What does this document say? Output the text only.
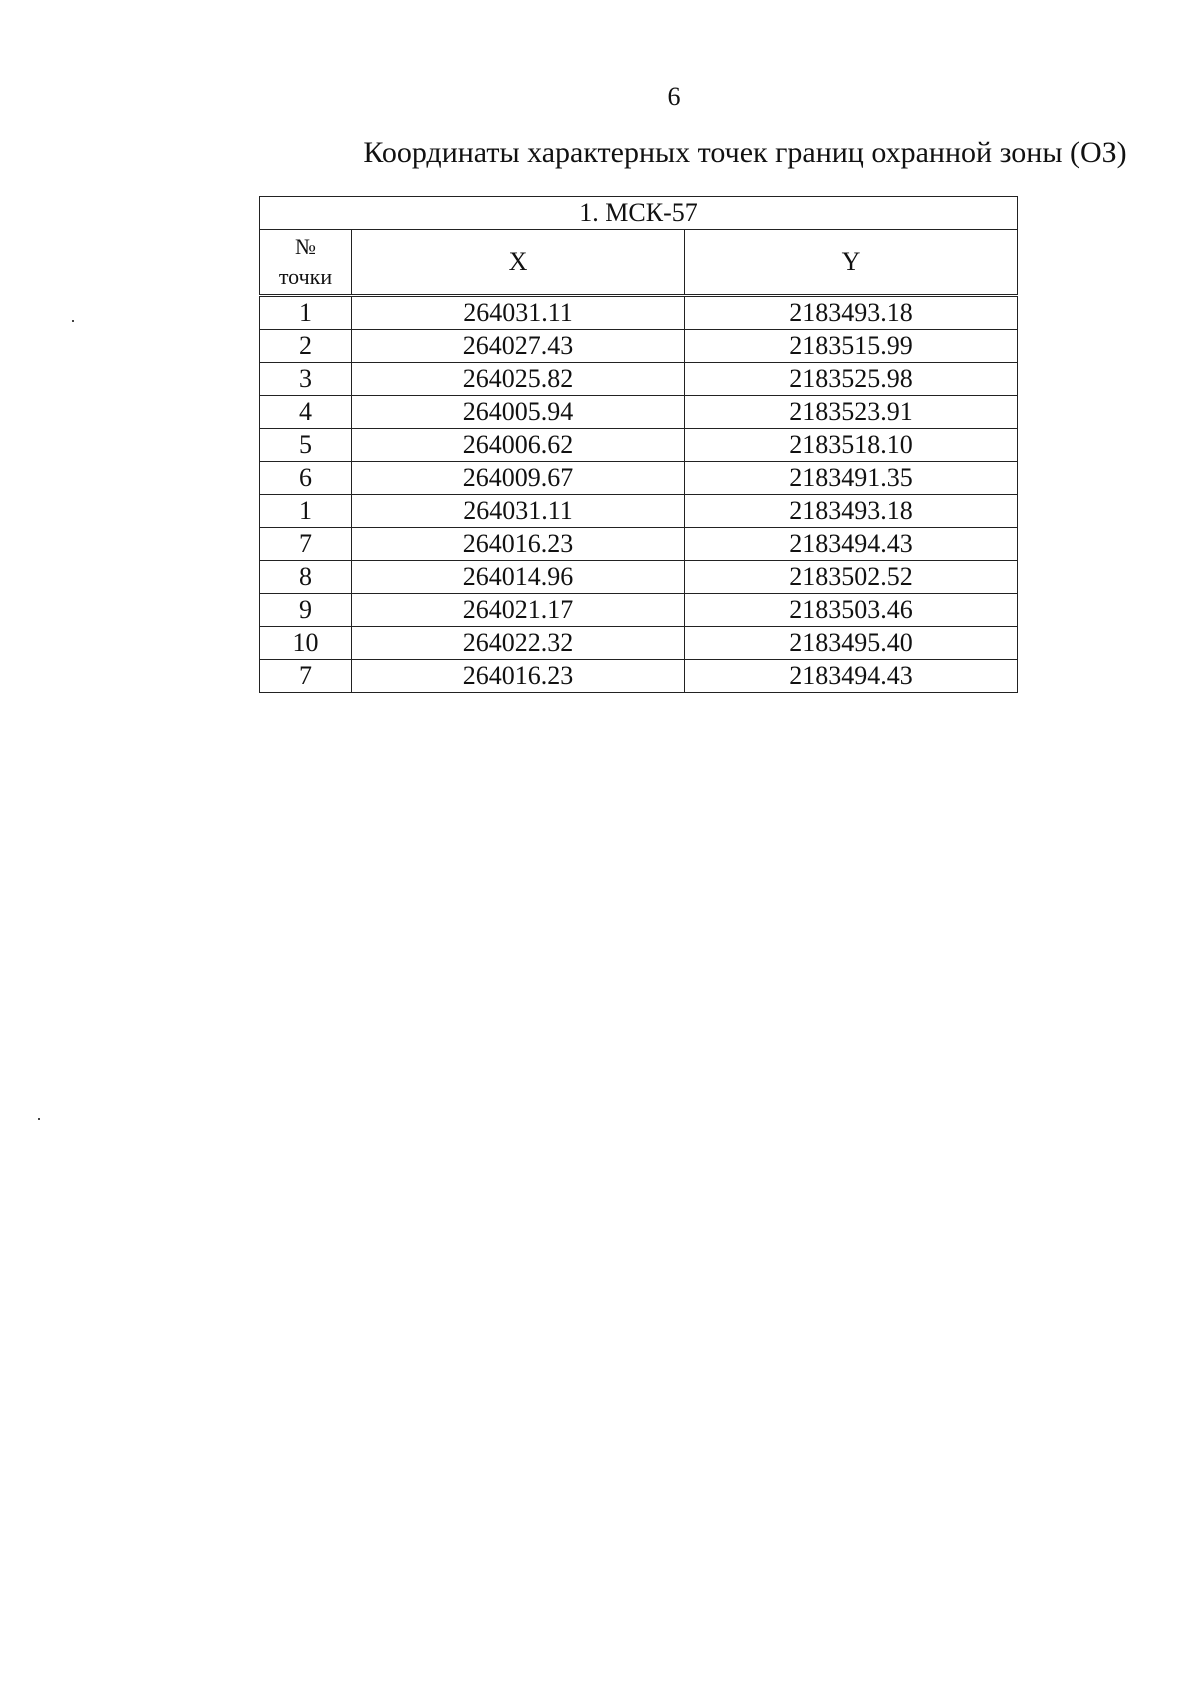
6
Координаты характерных точек границ охранной зоны (ОЗ)
1. МСК-57		
№
точки	X	Y
1	264031.11	2183493.18
2	264027.43	2183515.99
3	264025.82	2183525.98
4	264005.94	2183523.91
5	264006.62	2183518.10
6	264009.67	2183491.35
1	264031.11	2183493.18
7	264016.23	2183494.43
8	264014.96	2183502.52
9	264021.17	2183503.46
10	264022.32	2183495.40
7	264016.23	2183494.43
